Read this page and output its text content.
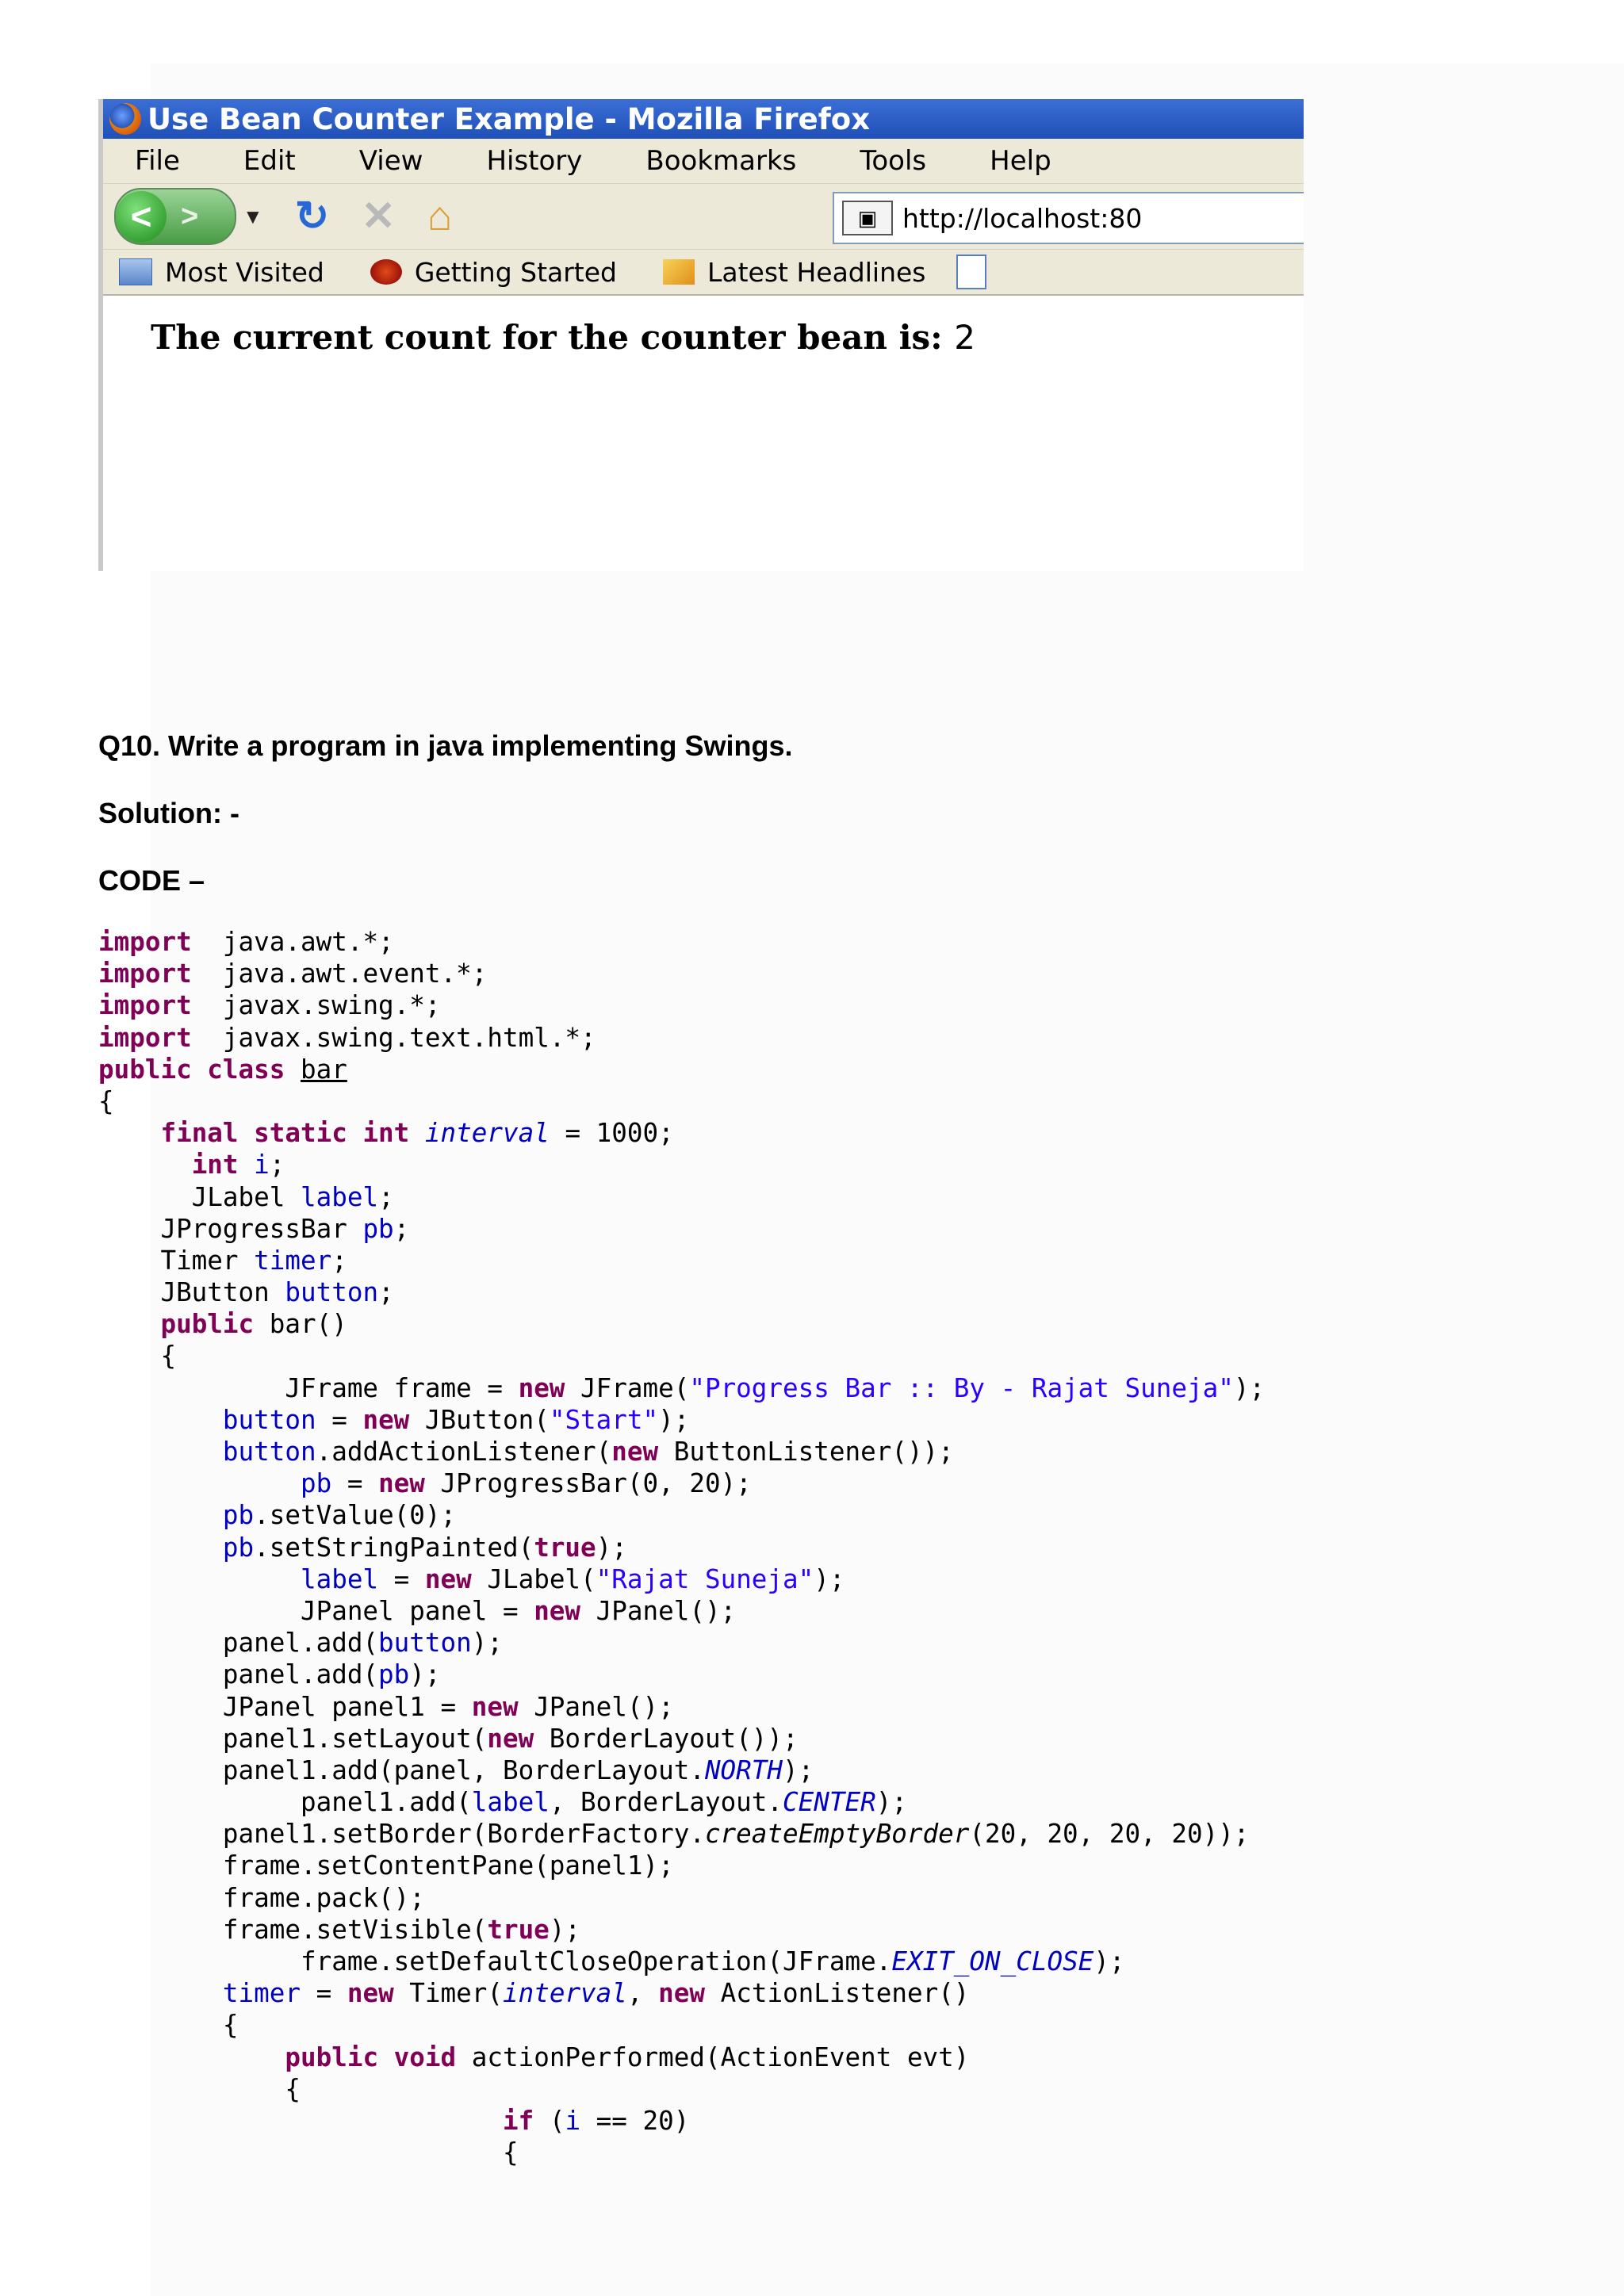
Use Bean Counter Example - Mozilla Firefox
File	Edit	View	History	Bookmarks	Tools	Help
< > ▼ ↻ ✕ ⌂	▣ http://localhost:80
Most Visited	Getting Started	Latest Headlines
The current count for the counter bean is: 2
Q10. Write a program in java implementing Swings.
Solution: -
CODE –
import  java.awt.*;
import  java.awt.event.*;
import  javax.swing.*;
import  javax.swing.text.html.*;
public class bar
{
final static int interval = 1000;
int i;
JLabel label;
JProgressBar pb;
Timer timer;
JButton button;
public bar()
{
JFrame frame = new JFrame("Progress Bar :: By - Rajat Suneja");
button = new JButton("Start");
button.addActionListener(new ButtonListener());
pb = new JProgressBar(0, 20);
pb.setValue(0);
pb.setStringPainted(true);
label = new JLabel("Rajat Suneja");
JPanel panel = new JPanel();
panel.add(button);
panel.add(pb);
JPanel panel1 = new JPanel();
panel1.setLayout(new BorderLayout());
panel1.add(panel, BorderLayout.NORTH);
panel1.add(label, BorderLayout.CENTER);
panel1.setBorder(BorderFactory.createEmptyBorder(20, 20, 20, 20));
frame.setContentPane(panel1);
frame.pack();
frame.setVisible(true);
frame.setDefaultCloseOperation(JFrame.EXIT_ON_CLOSE);
timer = new Timer(interval, new ActionListener()
{
public void actionPerformed(ActionEvent evt)
{
if (i == 20)
{
